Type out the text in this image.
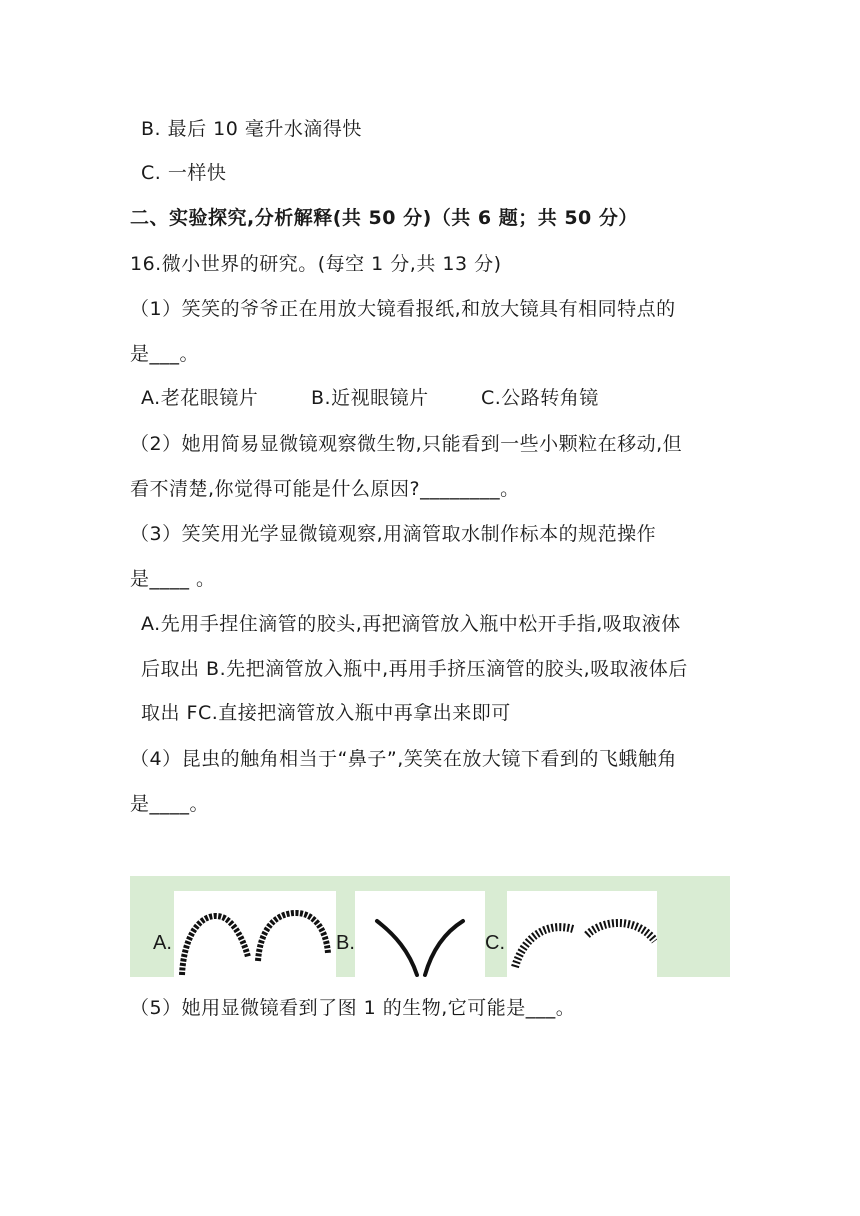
B. 最后 10 毫升水滴得快
C. 一样快
二、实验探究,分析解释(共 50 分)（共 6 题；共 50 分）
16.微小世界的研究。(每空 1 分,共 13 分)
（1）笑笑的爷爷正在用放大镜看报纸,和放大镜具有相同特点的
是___。
A.老花眼镜片	B.近视眼镜片	C.公路转角镜
（2）她用简易显微镜观察微生物,只能看到一些小颗粒在移动,但
看不清楚,你觉得可能是什么原因?________。
（3）笑笑用光学显微镜观察,用滴管取水制作标本的规范操作
是____ 。
A.先用手捏住滴管的胶头,再把滴管放入瓶中松开手指,吸取液体
后取出 B.先把滴管放入瓶中,再用手挤压滴管的胶头,吸取液体后
取出 FC.直接把滴管放入瓶中再拿出来即可
（4）昆虫的触角相当于“鼻子”,笑笑在放大镜下看到的飞蛾触角
是____。
A.	B.	C.
（5）她用显微镜看到了图 1 的生物,它可能是___。
